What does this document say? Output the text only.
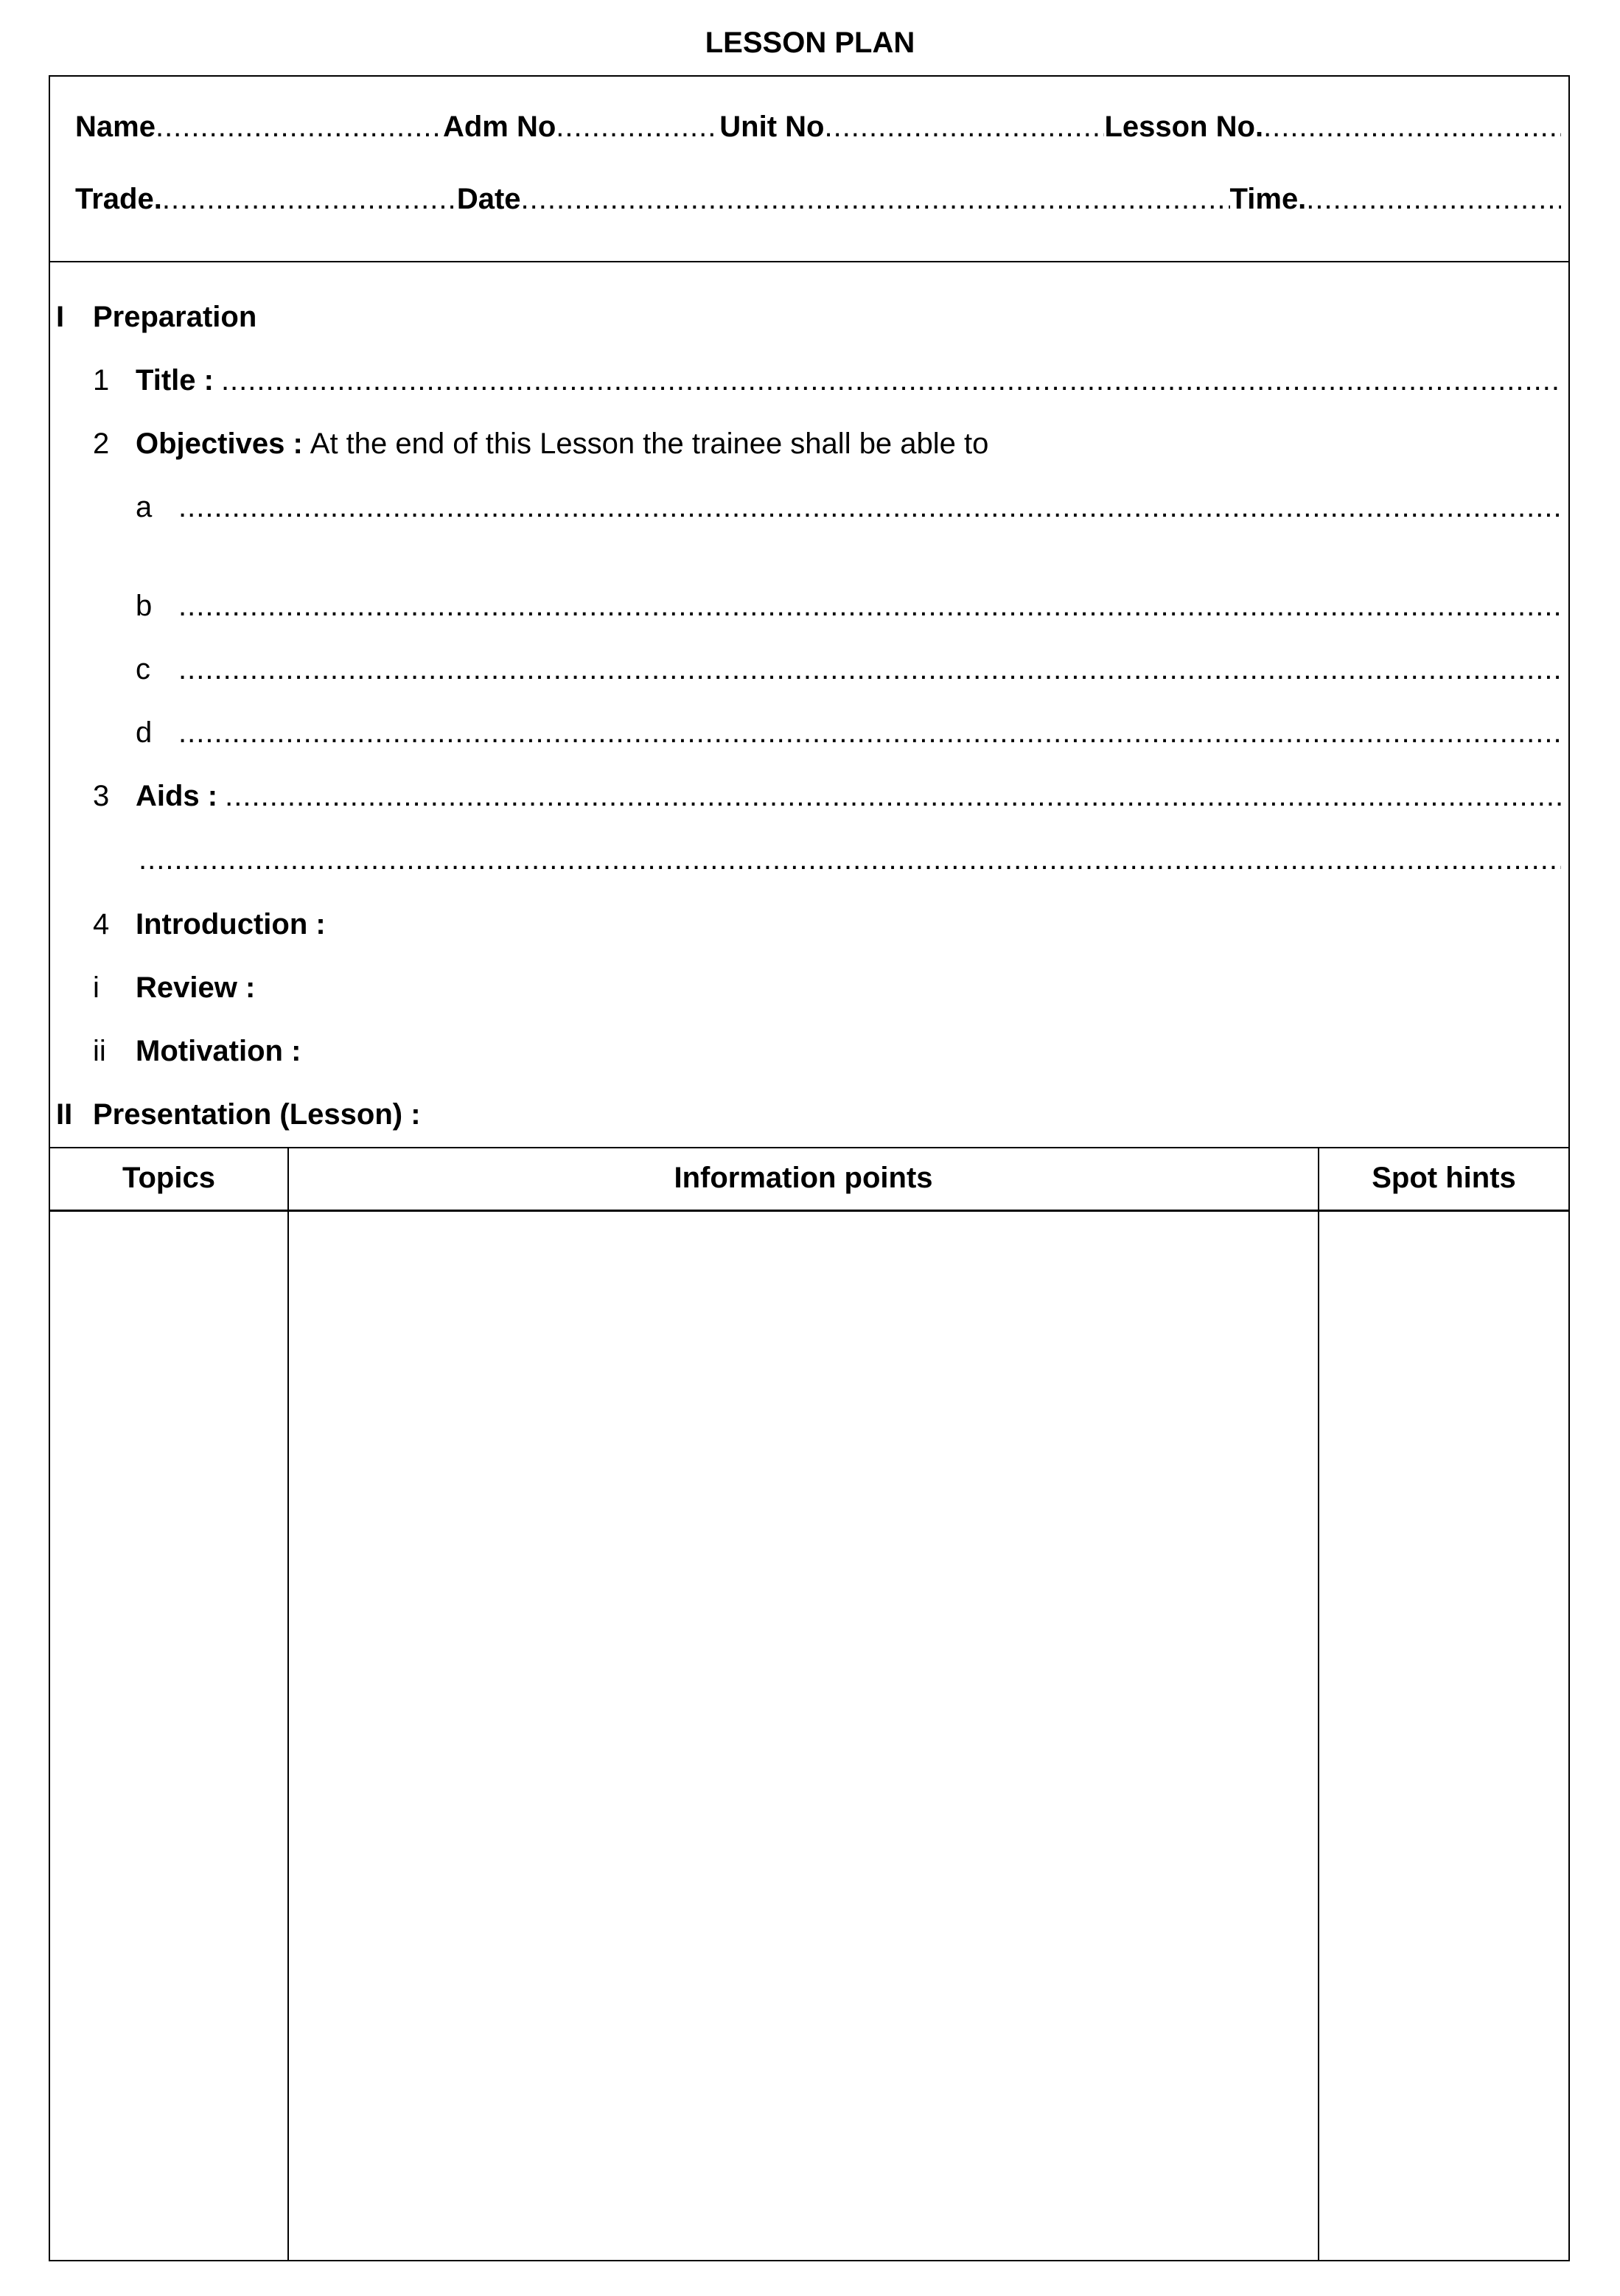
LESSON PLAN
Name .....	Adm No .....	Unit No .....	Lesson No.
.....
Trade. .....	Date .....	Time.
.....
I Preparation
1 Title :
.....
2 Objectives : At the end of this Lesson the trainee shall be able to
a
.....
b
.....
c
.....
d
.....
3 Aids :
.....
.....
4 Introduction :
i Review :
ii Motivation :
II Presentation (Lesson) :
Topics	Information points	Spot hints
